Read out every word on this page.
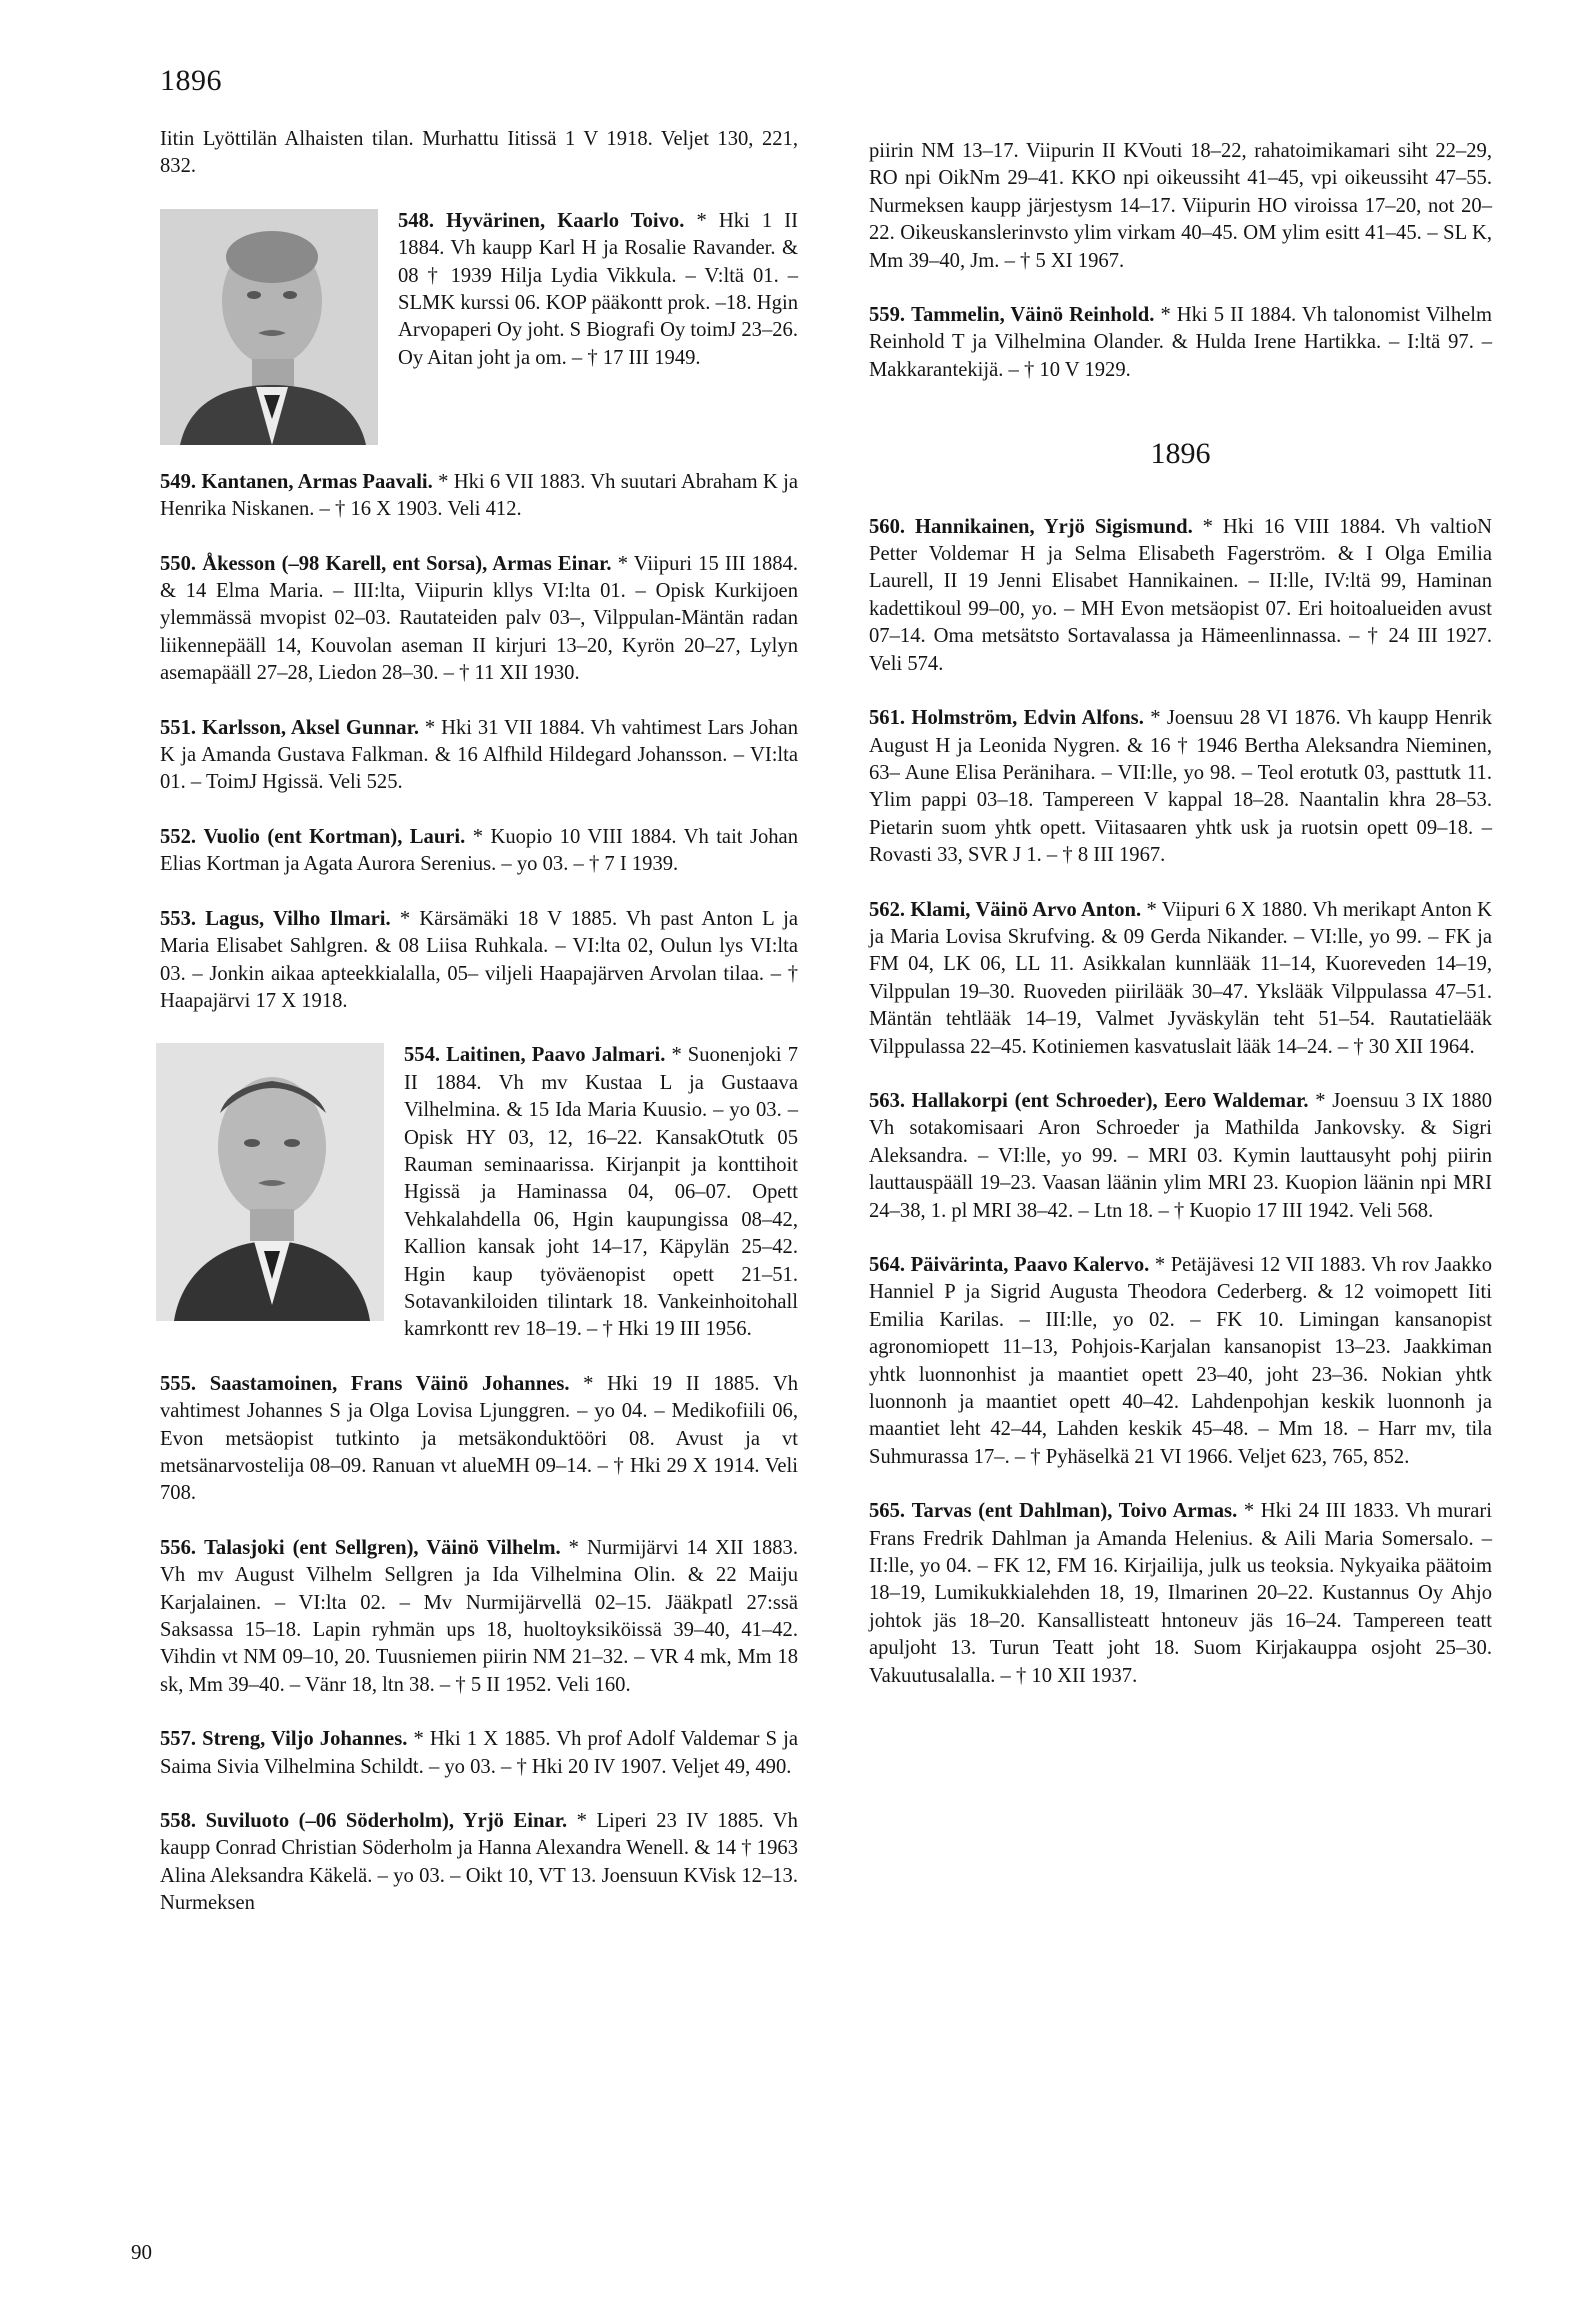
1896
Iitin Lyöttilän Alhaisten tilan. Murhattu Iitissä 1 V 1918. Veljet 130, 221, 832.
548. Hyvärinen, Kaarlo Toivo. * Hki 1 II 1884. Vh kaupp Karl H ja Rosalie Ravander. & 08 † 1939 Hilja Lydia Vikkula. – V:ltä 01. – SLMK kurssi 06. KOP pääkontt prok. –18. Hgin Arvopaperi Oy joht. S Biografi Oy toimJ 23–26. Oy Aitan joht ja om. – † 17 III 1949.
549. Kantanen, Armas Paavali. * Hki 6 VII 1883. Vh suutari Abraham K ja Henrika Niskanen. – † 16 X 1903. Veli 412.
550. Åkesson (–98 Karell, ent Sorsa), Armas Einar. * Viipuri 15 III 1884. & 14 Elma Maria. – III:lta, Viipurin kllys VI:lta 01. – Opisk Kurkijoen ylemmässä mvopist 02–03. Rautateiden palv 03–, Vilppulan-Mäntän radan liikennepääll 14, Kouvolan aseman II kirjuri 13–20, Kyrön 20–27, Lylyn asemapääll 27–28, Liedon 28–30. – † 11 XII 1930.
551. Karlsson, Aksel Gunnar. * Hki 31 VII 1884. Vh vahtimest Lars Johan K ja Amanda Gustava Falkman. & 16 Alfhild Hildegard Johansson. – VI:lta 01. – ToimJ Hgissä. Veli 525.
552. Vuolio (ent Kortman), Lauri. * Kuopio 10 VIII 1884. Vh tait Johan Elias Kortman ja Agata Aurora Serenius. – yo 03. – † 7 I 1939.
553. Lagus, Vilho Ilmari. * Kärsämäki 18 V 1885. Vh past Anton L ja Maria Elisabet Sahlgren. & 08 Liisa Ruhkala. – VI:lta 02, Oulun lys VI:lta 03. – Jonkin aikaa apteekkialalla, 05– viljeli Haapajärven Arvolan tilaa. – † Haapajärvi 17 X 1918.
554. Laitinen, Paavo Jalmari. * Suonenjoki 7 II 1884. Vh mv Kustaa L ja Gustaava Vilhelmina. & 15 Ida Maria Kuusio. – yo 03. – Opisk HY 03, 12, 16–22. KansakOtutk 05 Rauman seminaarissa. Kirjanpit ja konttihoit Hgissä ja Haminassa 04, 06–07. Opett Vehkalahdella 06, Hgin kaupungissa 08–42, Kallion kansak joht 14–17, Käpylän 25–42. Hgin kaup työväenopist opett 21–51. Sotavankiloiden tilintark 18. Vankeinhoitohall kamrkontt rev 18–19. – † Hki 19 III 1956.
555. Saastamoinen, Frans Väinö Johannes. * Hki 19 II 1885. Vh vahtimest Johannes S ja Olga Lovisa Ljunggren. – yo 04. – Medikofiili 06, Evon metsäopist tutkinto ja metsäkonduktööri 08. Avust ja vt metsänarvostelija 08–09. Ranuan vt alueMH 09–14. – † Hki 29 X 1914. Veli 708.
556. Talasjoki (ent Sellgren), Väinö Vilhelm. * Nurmijärvi 14 XII 1883. Vh mv August Vilhelm Sellgren ja Ida Vilhelmina Olin. & 22 Maiju Karjalainen. – VI:lta 02. – Mv Nurmijärvellä 02–15. Jääkpatl 27:ssä Saksassa 15–18. Lapin ryhmän ups 18, huoltoyksiköissä 39–40, 41–42. Vihdin vt NM 09–10, 20. Tuusniemen piirin NM 21–32. – VR 4 mk, Mm 18 sk, Mm 39–40. – Vänr 18, ltn 38. – † 5 II 1952. Veli 160.
557. Streng, Viljo Johannes. * Hki 1 X 1885. Vh prof Adolf Valdemar S ja Saima Sivia Vilhelmina Schildt. – yo 03. – † Hki 20 IV 1907. Veljet 49, 490.
558. Suviluoto (–06 Söderholm), Yrjö Einar. * Liperi 23 IV 1885. Vh kaupp Conrad Christian Söderholm ja Hanna Alexandra Wenell. & 14 † 1963 Alina Aleksandra Käkelä. – yo 03. – Oikt 10, VT 13. Joensuun KVisk 12–13. Nurmeksen
piirin NM 13–17. Viipurin II KVouti 18–22, rahatoimikamari siht 22–29, RO npi OikNm 29–41. KKO npi oikeussiht 41–45, vpi oikeussiht 47–55. Nurmeksen kaupp järjestysm 14–17. Viipurin HO viroissa 17–20, not 20–22. Oikeuskanslerinvsto ylim virkam 40–45. OM ylim esitt 41–45. – SL K, Mm 39–40, Jm. – † 5 XI 1967.
559. Tammelin, Väinö Reinhold. * Hki 5 II 1884. Vh talonomist Vilhelm Reinhold T ja Vilhelmina Olander. & Hulda Irene Hartikka. – I:ltä 97. – Makkarantekijä. – † 10 V 1929.
1896
560. Hannikainen, Yrjö Sigismund. * Hki 16 VIII 1884. Vh valtioN Petter Voldemar H ja Selma Elisabeth Fagerström. & I Olga Emilia Laurell, II 19 Jenni Elisabet Hannikainen. – II:lle, IV:ltä 99, Haminan kadettikoul 99–00, yo. – MH Evon metsäopist 07. Eri hoitoalueiden avust 07–14. Oma metsätsto Sortavalassa ja Hämeenlinnassa. – † 24 III 1927. Veli 574.
561. Holmström, Edvin Alfons. * Joensuu 28 VI 1876. Vh kaupp Henrik August H ja Leonida Nygren. & 16 † 1946 Bertha Aleksandra Nieminen, 63– Aune Elisa Peränihara. – VII:lle, yo 98. – Teol erotutk 03, pasttutk 11. Ylim pappi 03–18. Tampereen V kappal 18–28. Naantalin khra 28–53. Pietarin suom yhtk opett. Viitasaaren yhtk usk ja ruotsin opett 09–18. – Rovasti 33, SVR J 1. – † 8 III 1967.
562. Klami, Väinö Arvo Anton. * Viipuri 6 X 1880. Vh merikapt Anton K ja Maria Lovisa Skrufving. & 09 Gerda Nikander. – VI:lle, yo 99. – FK ja FM 04, LK 06, LL 11. Asikkalan kunnlääk 11–14, Kuoreveden 14–19, Vilppulan 19–30. Ruoveden piirilääk 30–47. Ykslääk Vilppulassa 47–51. Mäntän tehtlääk 14–19, Valmet Jyväskylän teht 51–54. Rautatielääk Vilppulassa 22–45. Kotiniemen kasvatuslait lääk 14–24. – † 30 XII 1964.
563. Hallakorpi (ent Schroeder), Eero Waldemar. * Joensuu 3 IX 1880 Vh sotakomisaari Aron Schroeder ja Mathilda Jankovsky. & Sigri Aleksandra. – VI:lle, yo 99. – MRI 03. Kymin lauttausyht pohj piirin lauttauspääll 19–23. Vaasan läänin ylim MRI 23. Kuopion läänin npi MRI 24–38, 1. pl MRI 38–42. – Ltn 18. – † Kuopio 17 III 1942. Veli 568.
564. Päivärinta, Paavo Kalervo. * Petäjävesi 12 VII 1883. Vh rov Jaakko Hanniel P ja Sigrid Augusta Theodora Cederberg. & 12 voimopett Iiti Emilia Karilas. – III:lle, yo 02. – FK 10. Limingan kansanopist agronomiopett 11–13, Pohjois-Karjalan kansanopist 13–23. Jaakkiman yhtk luonnonhist ja maantiet opett 23–40, joht 23–36. Nokian yhtk luonnonh ja maantiet opett 40–42. Lahdenpohjan keskik luonnonh ja maantiet leht 42–44, Lahden keskik 45–48. – Mm 18. – Harr mv, tila Suhmurassa 17–. – † Pyhäselkä 21 VI 1966. Veljet 623, 765, 852.
565. Tarvas (ent Dahlman), Toivo Armas. * Hki 24 III 1833. Vh murari Frans Fredrik Dahlman ja Amanda Helenius. & Aili Maria Somersalo. – II:lle, yo 04. – FK 12, FM 16. Kirjailija, julk us teoksia. Nykyaika päätoim 18–19, Lumikukkialehden 18, 19, Ilmarinen 20–22. Kustannus Oy Ahjo johtok jäs 18–20. Kansallisteatt hntoneuv jäs 16–24. Tampereen teatt apuljoht 13. Turun Teatt joht 18. Suom Kirjakauppa osjoht 25–30. Vakuutusalalla. – † 10 XII 1937.
90
